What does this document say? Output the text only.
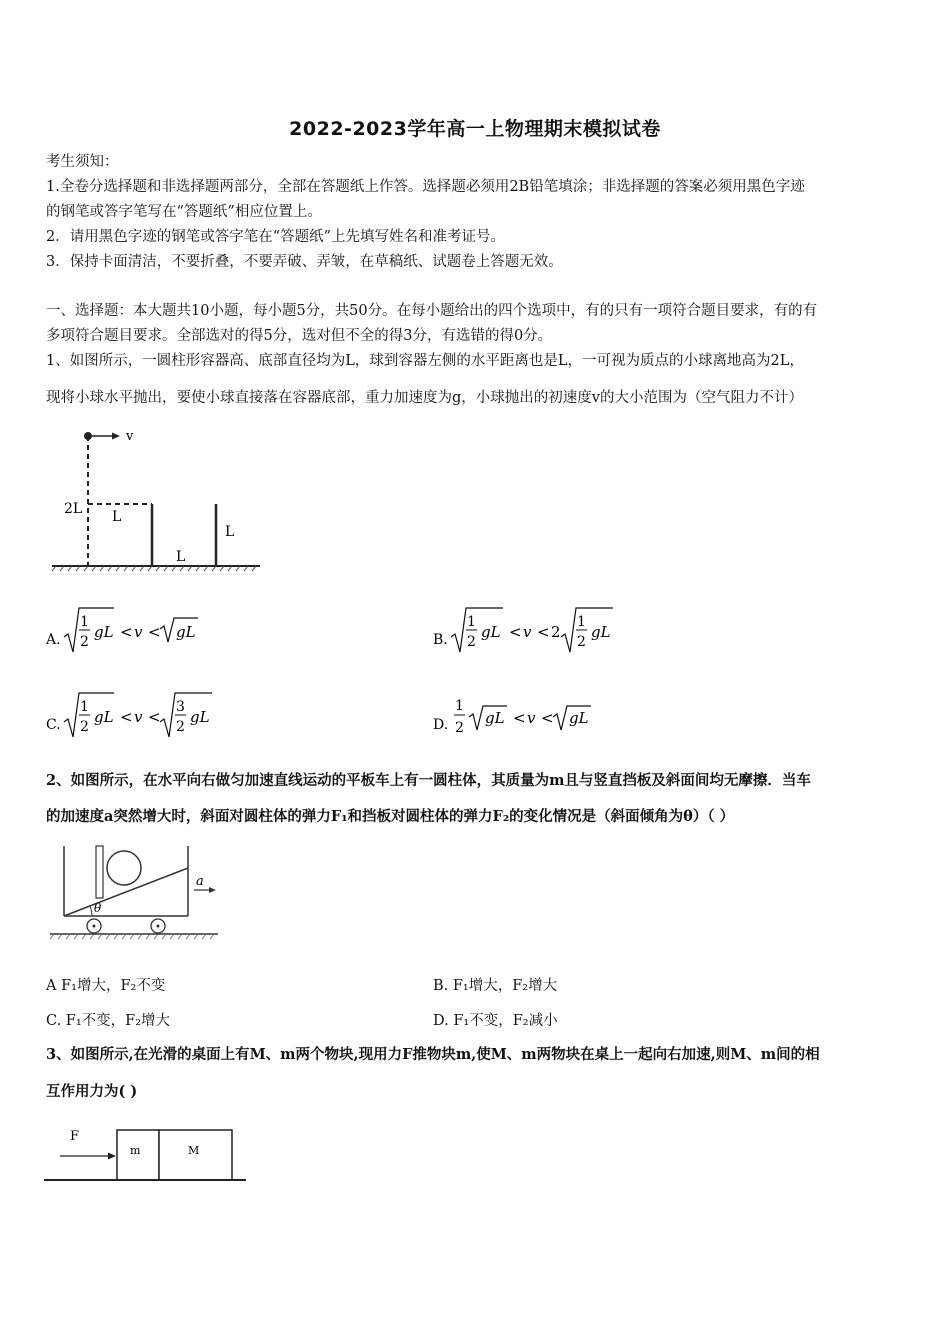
2022-2023学年高一上物理期末模拟试卷
考生须知：
1.全卷分选择题和非选择题两部分，全部在答题纸上作答。选择题必须用2B铅笔填涂；非选择题的答案必须用黑色字迹
的钢笔或答字笔写在“答题纸”相应位置上。
2．请用黑色字迹的钢笔或答字笔在“答题纸”上先填写姓名和准考证号。
3．保持卡面清洁，不要折叠，不要弄破、弄皱，在草稿纸、试题卷上答题无效。
一、选择题：本大题共10小题，每小题5分，共50分。在每小题给出的四个选项中，有的只有一项符合题目要求，有的有
多项符合题目要求。全部选对的得5分，选对但不全的得3分，有选错的得0分。
1、如图所示，一圆柱形容器高、底部直径均为L，球到容器左侧的水平距离也是L，一可视为质点的小球离地高为2L，
现将小球水平抛出，要使小球直接落在容器底部，重力加速度为g，小球抛出的初速度v的大小范围为（空气阻力不计）
v
2L L
L
L
A.
1
2
gL < v < gL	B.
1
2
gL < v < 2
1
2
gL
C.
1
2
gL < v <
3
2
gL	D.
1
2
gL < v < gL
2、如图所示，在水平向右做匀加速直线运动的平板车上有一圆柱体，其质量为m且与竖直挡板及斜面间均无摩擦．当车
的加速度a突然增大时，斜面对圆柱体的弹力F₁和挡板对圆柱体的弹力F₂的变化情况是（斜面倾角为θ）（ ）
θ
a
A F₁增大，F₂不变	B. F₁增大，F₂增大
C. F₁不变，F₂增大	D. F₁不变，F₂减小
3、如图所示,在光滑的桌面上有M、m两个物块,现用力F推物块m,使M、m两物块在桌上一起向右加速,则M、m间的相
互作用力为( )
F
m	M
